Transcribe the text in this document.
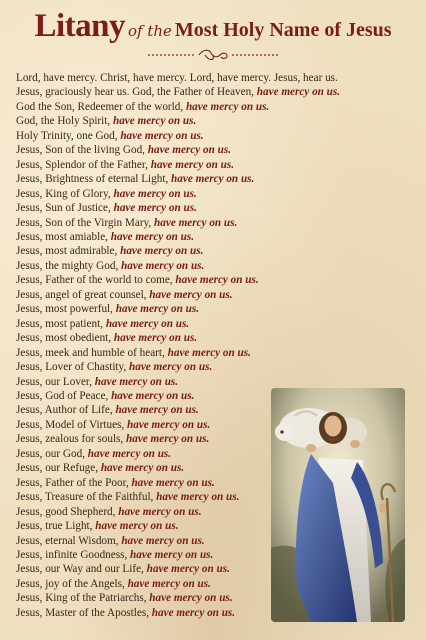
Litany of the Most Holy Name of Jesus
Lord, have mercy. Christ, have mercy. Lord, have mercy. Jesus, hear us.
Jesus, graciously hear us. God, the Father of Heaven, have mercy on us.
God the Son, Redeemer of the world, have mercy on us.
God, the Holy Spirit, have mercy on us.
Holy Trinity, one God, have mercy on us.
Jesus, Son of the living God, have mercy on us.
Jesus, Splendor of the Father, have mercy on us.
Jesus, Brightness of eternal Light, have mercy on us.
Jesus, King of Glory, have mercy on us.
Jesus, Sun of Justice, have mercy on us.
Jesus, Son of the Virgin Mary, have mercy on us.
Jesus, most amiable, have mercy on us.
Jesus, most admirable, have mercy on us.
Jesus, the mighty God, have mercy on us.
Jesus, Father of the world to come, have mercy on us.
Jesus, angel of great counsel, have mercy on us.
Jesus, most powerful, have mercy on us.
Jesus, most patient, have mercy on us.
Jesus, most obedient, have mercy on us.
Jesus, meek and humble of heart, have mercy on us.
Jesus, Lover of Chastity, have mercy on us.
Jesus, our Lover, have mercy on us.
Jesus, God of Peace, have mercy on us.
Jesus, Author of Life, have mercy on us.
Jesus, Model of Virtues, have mercy on us.
Jesus, zealous for souls, have mercy on us.
Jesus, our God, have mercy on us.
Jesus, our Refuge, have mercy on us.
Jesus, Father of the Poor, have mercy on us.
Jesus, Treasure of the Faithful, have mercy on us.
Jesus, good Shepherd, have mercy on us.
Jesus, true Light, have mercy on us.
Jesus, eternal Wisdom, have mercy on us.
Jesus, infinite Goodness, have mercy on us.
Jesus, our Way and our Life, have mercy on us.
Jesus, joy of the Angels, have mercy on us.
Jesus, King of the Patriarchs, have mercy on us.
Jesus, Master of the Apostles, have mercy on us.
